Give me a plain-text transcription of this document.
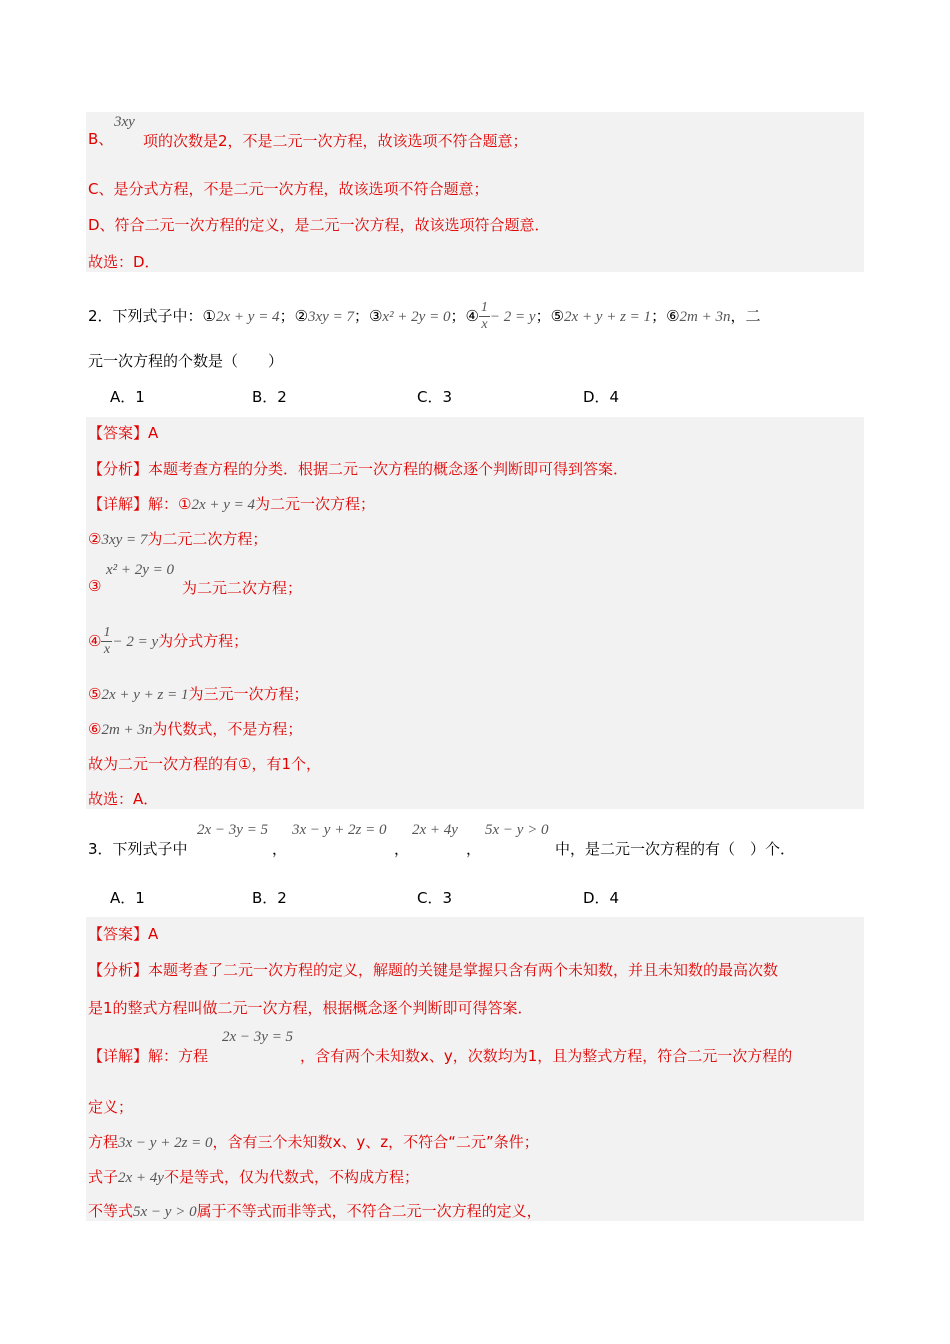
B、
3xy
项的次数是2，不是二元一次方程，故该选项不符合题意；
C、是分式方程，不是二元一次方程，故该选项不符合题意；
D、符合二元一次方程的定义，是二元一次方程，故该选项符合题意．
故选：D．
2．下列式子中：①2x + y = 4；②3xy = 7；③x² + 2y = 0；④ $\frac{1}{x} - 2 = y$；⑤2x + y + z = 1；⑥2m + 3n，二
元一次方程的个数是（　　）
A．1	B．2	C．3	D．4
【答案】A
【分析】本题考查方程的分类．根据二元一次方程的概念逐个判断即可得到答案．
【详解】解：①2x + y = 4为二元一次方程；
②3xy = 7为二元二次方程；
③
x² + 2y = 0
为二元二次方程；
④ $\frac{1}{x} - 2 = y$为分式方程；
⑤2x + y + z = 1为三元一次方程；
⑥2m + 3n为代数式，不是方程；
故为二元一次方程的有①，有1个，
故选：A．
3．下列式子中
2x − 3y = 5
，
3x − y + 2z = 0
，
2x + 4y
，
5x − y > 0
中，是二元一次方程的有（　）个．
A．1	B．2	C．3	D．4
【答案】A
【分析】本题考查了二元一次方程的定义，解题的关键是掌握只含有两个未知数，并且未知数的最高次数
是1的整式方程叫做二元一次方程，根据概念逐个判断即可得答案．
【详解】解：方程
2x − 3y = 5
，含有两个未知数x、y，次数均为1，且为整式方程，符合二元一次方程的
定义；
方程3x − y + 2z = 0，含有三个未知数x、y、z，不符合“二元”条件；
式子2x + 4y不是等式，仅为代数式，不构成方程；
不等式5x − y > 0属于不等式而非等式，不符合二元一次方程的定义，
